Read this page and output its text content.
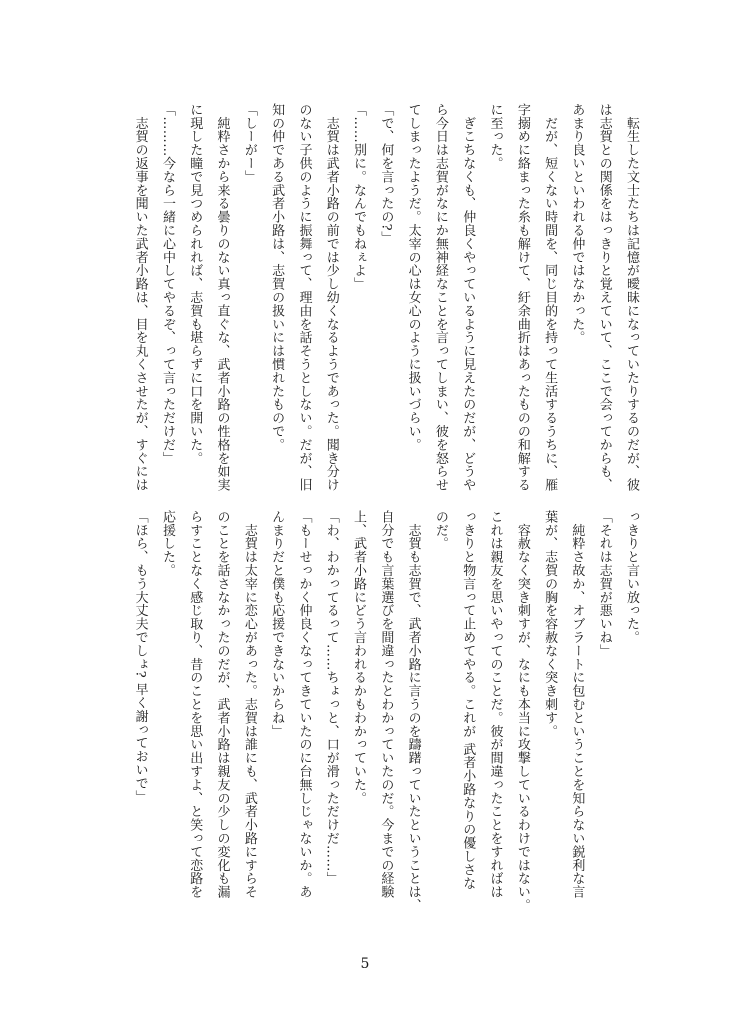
　転生した文士たちは記憶が曖昧になっていたりするのだが、彼
は志賀との関係をはっきりと覚えていて、ここで会ってからも、
あまり良いといわれる仲ではなかった。
　だが、短くない時間を、同じ目的を持って生活するうちに、雁
字搦めに絡まった糸も解けて、紆余曲折はあったものの和解する
に至った。
　ぎこちなくも、仲良くやっているように見えたのだが、どうや
ら今日は志賀がなにか無神経なことを言ってしまい、彼を怒らせ
てしまったようだ。太宰の心は女心のように扱いづらい。
「で、何を言ったの?」
「……別に。なんでもねぇよ」
　志賀は武者小路の前では少し幼くなるようであった。聞き分け
のない子供のように振舞って、理由を話そうとしない。だが、旧
知の仲である武者小路は、志賀の扱いには慣れたもので。
「しーがー」
　純粋さから来る曇りのない真っ直ぐな、武者小路の性格を如実
に現した瞳で見つめられれば、志賀も堪らずに口を開いた。
「………今なら一緒に心中してやるぞ、って言っただけだ」
　志賀の返事を聞いた武者小路は、目を丸くさせたが、すぐには
っきりと言い放った。
「それは志賀が悪いね」
　純粋さ故か、オブラートに包むということを知らない鋭利な言
葉が、志賀の胸を容赦なく突き刺す。
　容赦なく突き刺すが、なにも本当に攻撃しているわけではない。
これは親友を思いやってのことだ。彼が間違ったことをすればは
っきりと物言って止めてやる。これが 武者小路なりの優しさな
のだ。
　志賀も志賀で、武者小路に言うのを躊躇っていたということは、
自分でも言葉選びを間違ったとわかっていたのだ。今までの経験
上、武者小路にどう言われるかもわかっていた。
「わ、わかってるって……ちょっと、口が滑っただけだ……」
「もーせっかく仲良くなってきていたのに台無しじゃないか。あ
んまりだと僕も応援できないからね」
　志賀は太宰に恋心があった。志賀は誰にも、武者小路にすらそ
のことを話さなかったのだが、武者小路は親友の少しの変化も漏
らすことなく感じ取り、昔のことを思い出すよ、と笑って恋路を
応援した。
「ほら、もう大丈夫でしょ? 早く謝っておいで」
5
